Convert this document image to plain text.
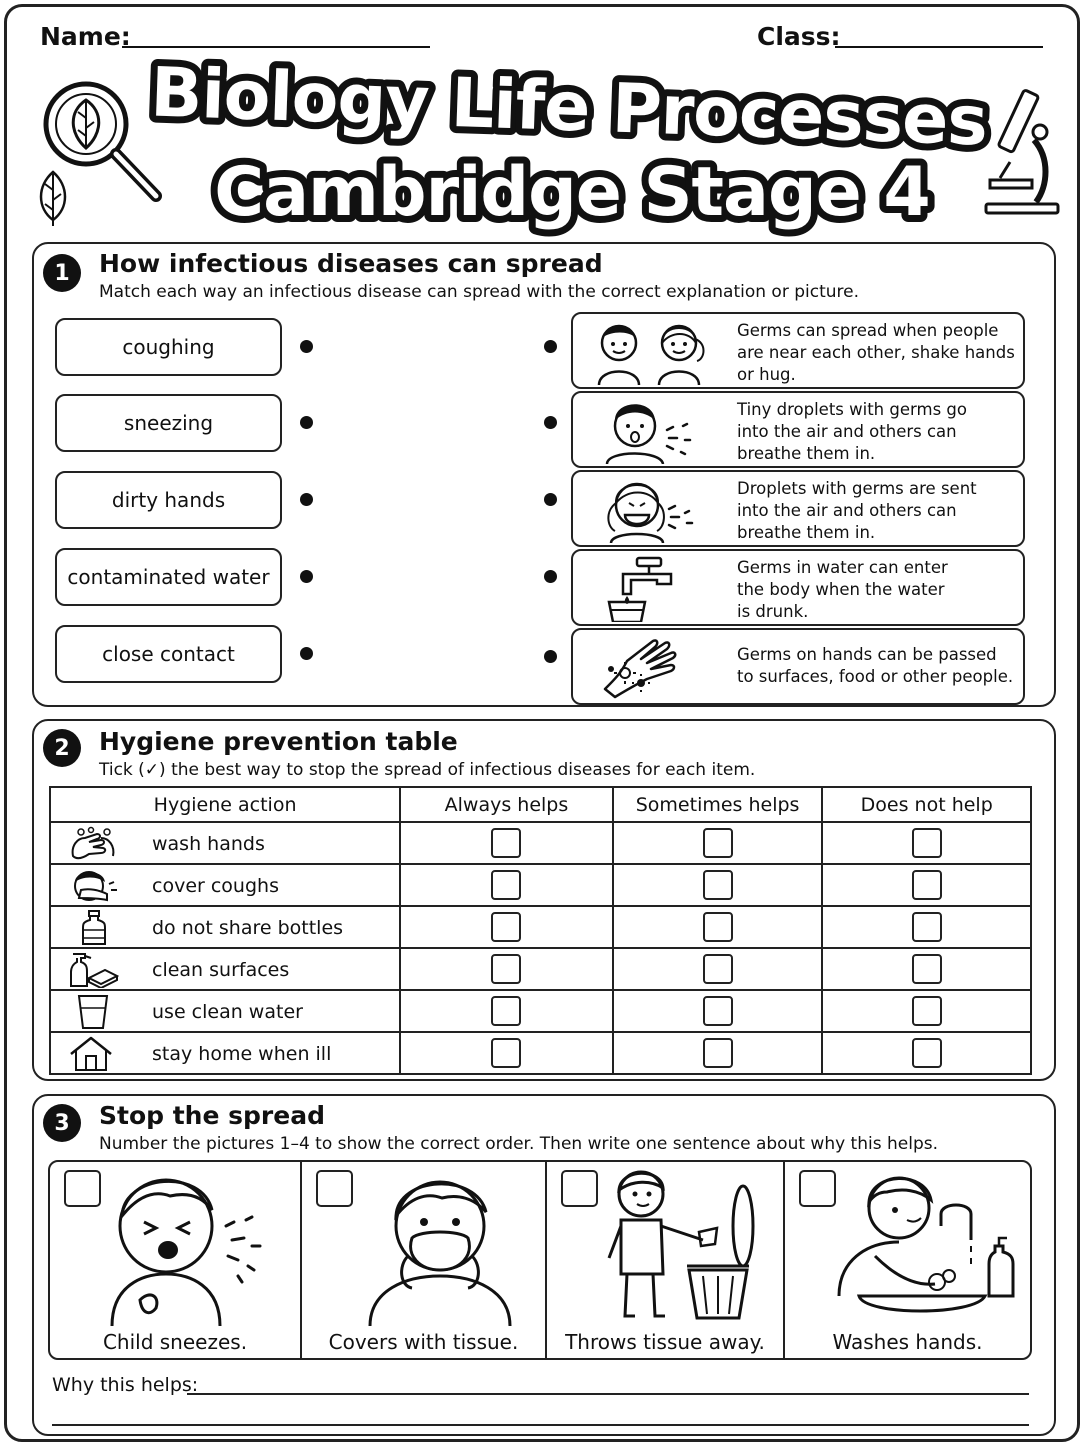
Name:	Class:
Biology Life Processes
Cambridge Stage 4
1	How infectious diseases can spread
Match each way an infectious disease can spread with the correct explanation or picture.
coughing
sneezing
dirty hands
contaminated water
close contact
Germs can spread when people
are near each other, shake hands
or hug.
Tiny droplets with germs go
into the air and others can
breathe them in.
Droplets with germs are sent
into the air and others can
breathe them in.
Germs in water can enter
the body when the water
is drunk.
Germs on hands can be passed
to surfaces, food or other people.
2	Hygiene prevention table
Tick (✓) the best way to stop the spread of infectious diseases for each item.
Hygiene action	Always helps	Sometimes helps	Does not help

wash hands			

cover coughs			

do not share bottles			

clean surfaces			

use clean water			

stay home when ill			

3	Stop the spread
Number the pictures 1–4 to show the correct order. Then write one sentence about why this helps.
Child sneezes.	Covers with tissue.	Throws tissue away.	Washes hands.
Why this helps:
